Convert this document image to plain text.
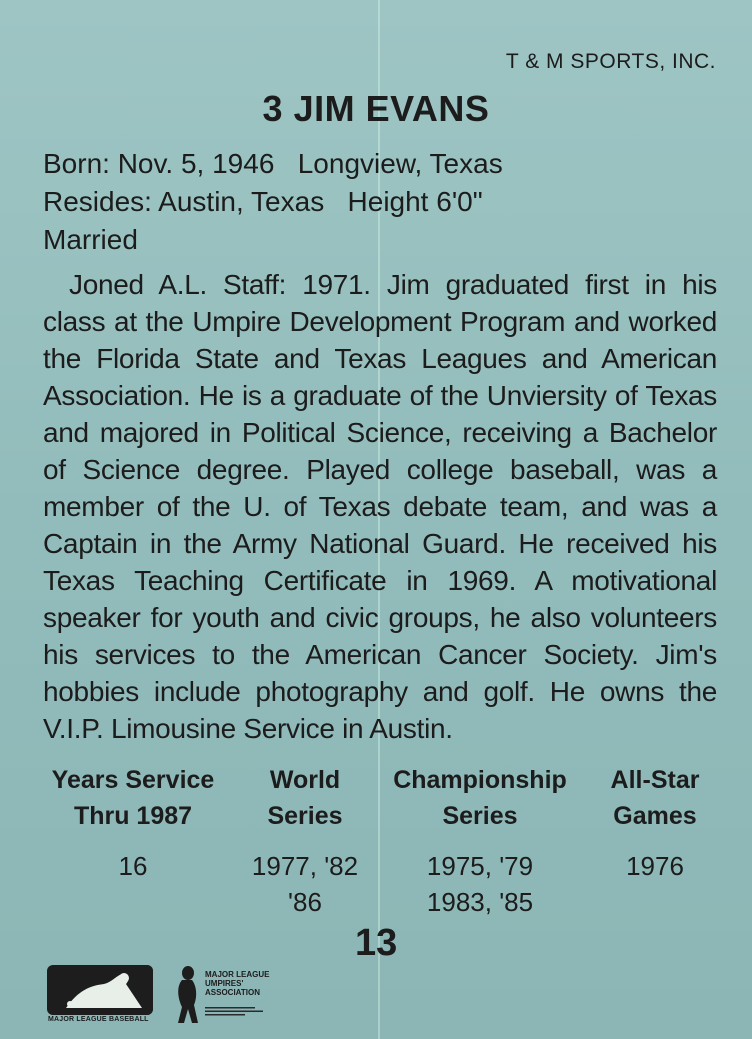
T & M SPORTS, INC.
3 JIM EVANS
Born: Nov. 5, 1946   Longview, Texas
Resides: Austin, Texas   Height 6'0"
Married
Joned A.L. Staff: 1971. Jim graduated first in his class at the Umpire Development Program and worked the Florida State and Texas Leagues and American Association. He is a graduate of the Unviersity of Texas and majored in Political Science, receiving a Bachelor of Science degree. Played college baseball, was a member of the U. of Texas debate team, and was a Captain in the Army National Guard. He received his Texas Teaching Certificate in 1969. A motivational speaker for youth and civic groups, he also volunteers his services to the American Cancer Society. Jim's hobbies include photography and golf. He owns the V.I.P. Limousine Service in Austin.
Years Service
Thru 1987
16
World
Series
1977, '82
'86
Championship
Series
1975, '79
1983, '85
All-Star
Games
1976
13
MAJOR LEAGUE BASEBALL
MAJOR LEAGUE
UMPIRES'
ASSOCIATION
